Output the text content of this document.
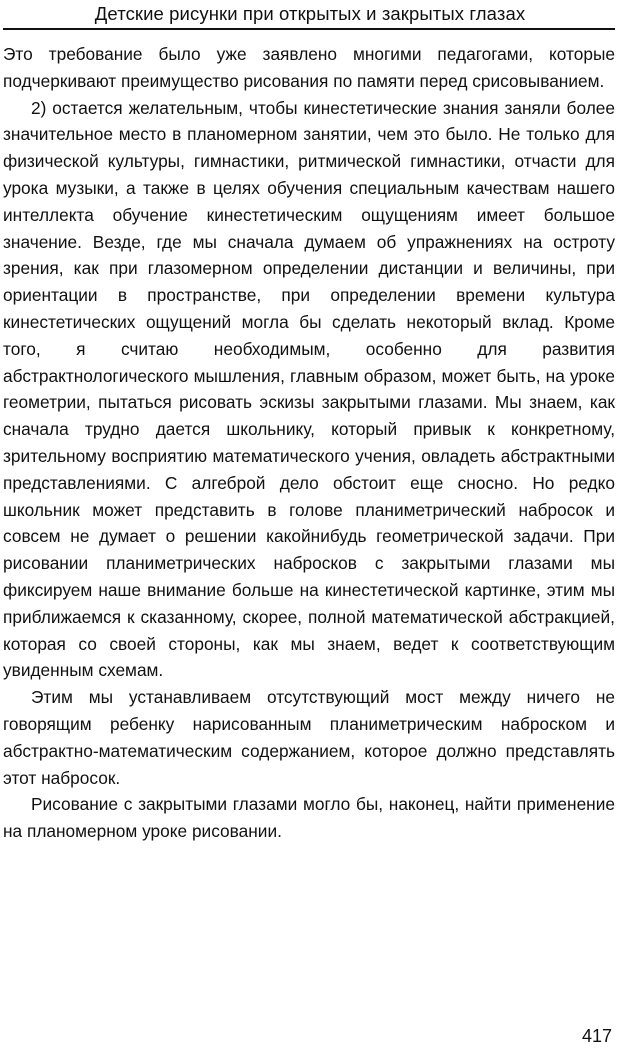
Детские рисунки при открытых и закрытых глазах

Это требование было уже заявлено многими педагогами, которые подчеркивают преимущество рисования по памяти перед срисовыванием.

2) остается желательным, чтобы кинестетические знания заняли более значительное место в планомерном занятии, чем это было. Не только для физической культуры, гимнастики, ритмической гимнастики, отчасти для урока музыки, а также в целях обучения специальным качествам нашего интеллекта обучение кинестетическим ощущениям имеет большое значение. Везде, где мы сначала думаем об упражнениях на остроту зрения, как при глазомерном определении дистанции и величины, при ориентации в пространстве, при определении времени культура кинестетических ощущений могла бы сделать некоторый вклад. Кроме того, я считаю необходимым, особенно для развития абстрактнологического мышления, главным образом, может быть, на уроке геометрии, пытаться рисовать эскизы закрытыми глазами. Мы знаем, как сначала трудно дается школьнику, который привык к конкретному, зрительному восприятию математического учения, овладеть абстрактными представлениями. С алгеброй дело обстоит еще сносно. Но редко школьник может представить в голове планиметрический набросок и совсем не думает о решении какойнибудь геометрической задачи. При рисовании планиметрических набросков с закрытыми глазами мы фиксируем наше внимание больше на кинестетической картинке, этим мы приближаемся к сказанному, скорее, полной математической абстракцией, которая со своей стороны, как мы знаем, ведет к соответствующим увиденным схемам.

Этим мы устанавливаем отсутствующий мост между ничего не говорящим ребенку нарисованным планиметрическим наброском и абстрактно-математическим содержанием, которое должно представлять этот набросок.

Рисование с закрытыми глазами могло бы, наконец, найти применение на планомерном уроке рисовании.

417
